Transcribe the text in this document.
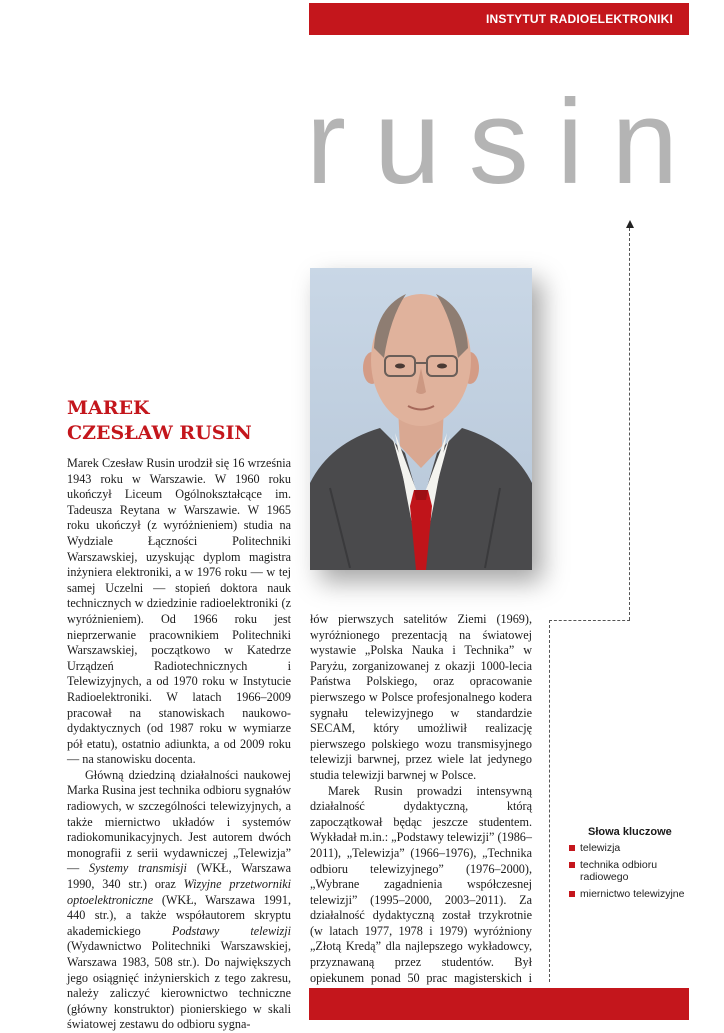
INSTYTUT RADIOELEKTRONIKI
rusin
MAREK
CZESŁAW RUSIN

Marek Czesław Rusin urodził się 16 września 1943 roku w Warszawie. W 1960 roku ukończył Liceum Ogólnokształcące im. Tadeusza Reytana w Warszawie. W 1965 roku ukończył (z wyróżnieniem) studia na Wydziale Łączności Politechniki Warszawskiej, uzyskując dyplom magistra inżyniera elektroniki, a w 1976 roku — w tej samej Uczelni — stopień doktora nauk technicznych w dziedzinie radioelektroniki (z wyróżnieniem). Od 1966 roku jest nieprzerwanie pracownikiem Politechniki Warszawskiej, początkowo w Katedrze Urządzeń Radiotechnicznych i Telewizyjnych, a od 1970 roku w Instytucie Radioelektroniki. W latach 1966–2009 pracował na stanowiskach naukowo-dydaktycznych (od 1987 roku w wymiarze pół etatu), ostatnio adiunkta, a od 2009 roku — na stanowisku docenta.

Główną dziedziną działalności naukowej Marka Rusina jest technika odbioru sygnałów radiowych, w szczególności telewizyjnych, a także miernictwo układów i systemów radiokomunikacyjnych. Jest autorem dwóch monografii z serii wydawniczej „Telewizja” — Systemy transmisji (WKŁ, Warszawa 1990, 340 str.) oraz Wizyjne przetworniki optoelektroniczne (WKŁ, Warszawa 1991, 440 str.), a także współautorem skryptu akademickiego Podstawy telewizji (Wydawnictwo Politechniki Warszawskiej, Warszawa 1983, 508 str.). Do największych jego osiągnięć inżynierskich z tego zakresu, należy zaliczyć kierownictwo techniczne (główny konstruktor) pionierskiego w skali światowej zestawu do odbioru sygna-

łów pierwszych satelitów Ziemi (1969), wyróżnionego prezentacją na światowej wystawie „Polska Nauka i Technika” w Paryżu, zorganizowanej z okazji 1000-lecia Państwa Polskiego, oraz opracowanie pierwszego w Polsce profesjonalnego kodera sygnału telewizyjnego w standardzie SECAM, który umożliwił realizację pierwszego polskiego wozu transmisyjnego telewizji barwnej, przez wiele lat jedynego studia telewizji barwnej w Polsce.

Marek Rusin prowadzi intensywną działalność dydaktyczną, którą zapoczątkował będąc jeszcze studentem. Wykładał m.in.: „Podstawy telewizji” (1986–2011), „Telewizja” (1966–1976), „Technika odbioru telewizyjnego” (1976–2000), „Wybrane zagadnienia współczesnej telewizji” (1995–2000, 2003–2011). Za działalność dydaktyczną został trzykrotnie (w latach 1977, 1978 i 1979) wyróżniony „Złotą Kredą” dla najlepszego wykładowcy, przyznawaną przez studentów. Był opiekunem ponad 50 prac magisterskich i

Słowa kluczowe
telewizja
technika odbioru radiowego
miernictwo telewizyjne
